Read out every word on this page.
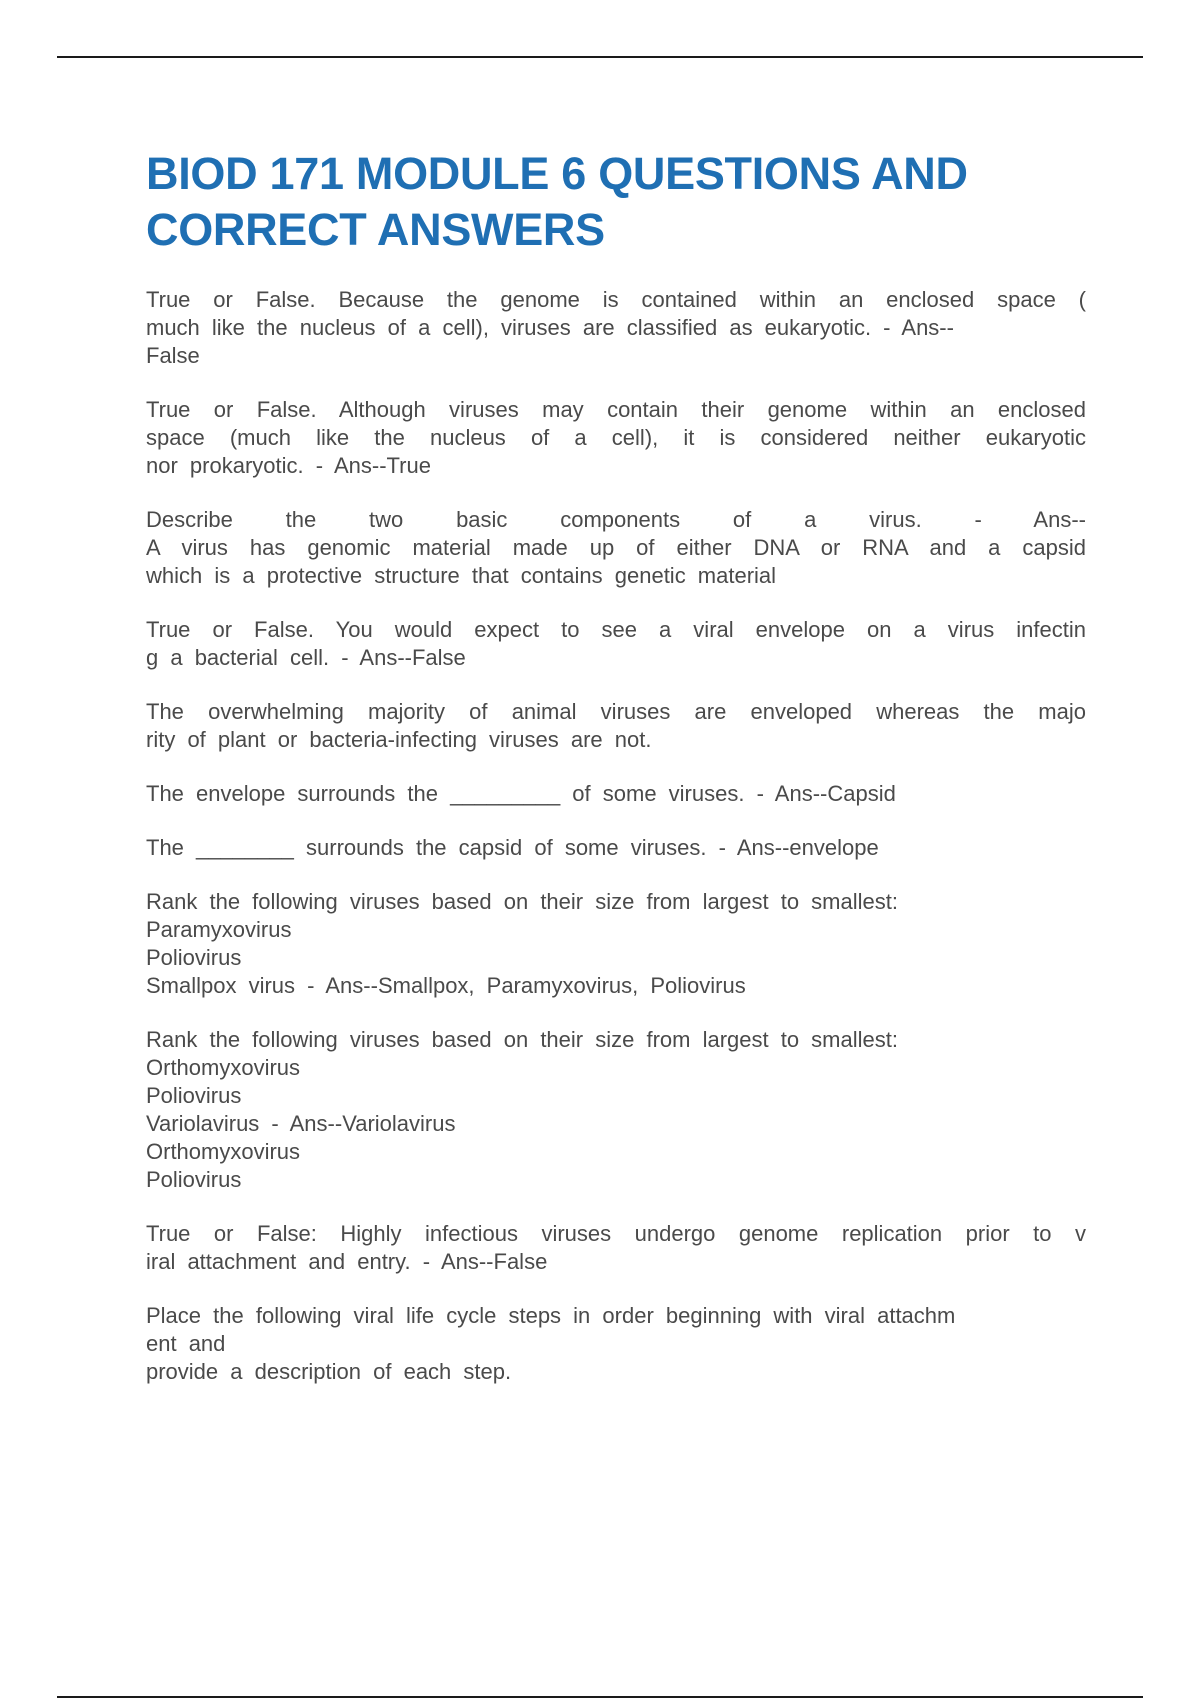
BIOD 171 MODULE 6 QUESTIONS AND
CORRECT ANSWERS
True or False. Because the genome is contained within an enclosed space (
much like the nucleus of a cell), viruses are classified as eukaryotic. - Ans--
False
True or False. Although viruses may contain their genome within an enclosed
space (much like the nucleus of a cell), it is considered neither eukaryotic
nor prokaryotic. - Ans--True
Describe the two basic components of a virus. - Ans--
A virus has genomic material made up of either DNA or RNA and a capsid
which is a protective structure that contains genetic material
True or False. You would expect to see a viral envelope on a virus infectin
g a bacterial cell. - Ans--False
The overwhelming majority of animal viruses are enveloped whereas the majo
rity of plant or bacteria-infecting viruses are not.
The envelope surrounds the _________ of some viruses. - Ans--Capsid
The ________ surrounds the capsid of some viruses. - Ans--envelope
Rank the following viruses based on their size from largest to smallest:
Paramyxovirus
Poliovirus
Smallpox virus - Ans--Smallpox, Paramyxovirus, Poliovirus
Rank the following viruses based on their size from largest to smallest:
Orthomyxovirus
Poliovirus
Variolavirus - Ans--Variolavirus
Orthomyxovirus
Poliovirus
True or False: Highly infectious viruses undergo genome replication prior to v
iral attachment and entry. - Ans--False
Place the following viral life cycle steps in order beginning with viral attachm
ent and
provide a description of each step.
